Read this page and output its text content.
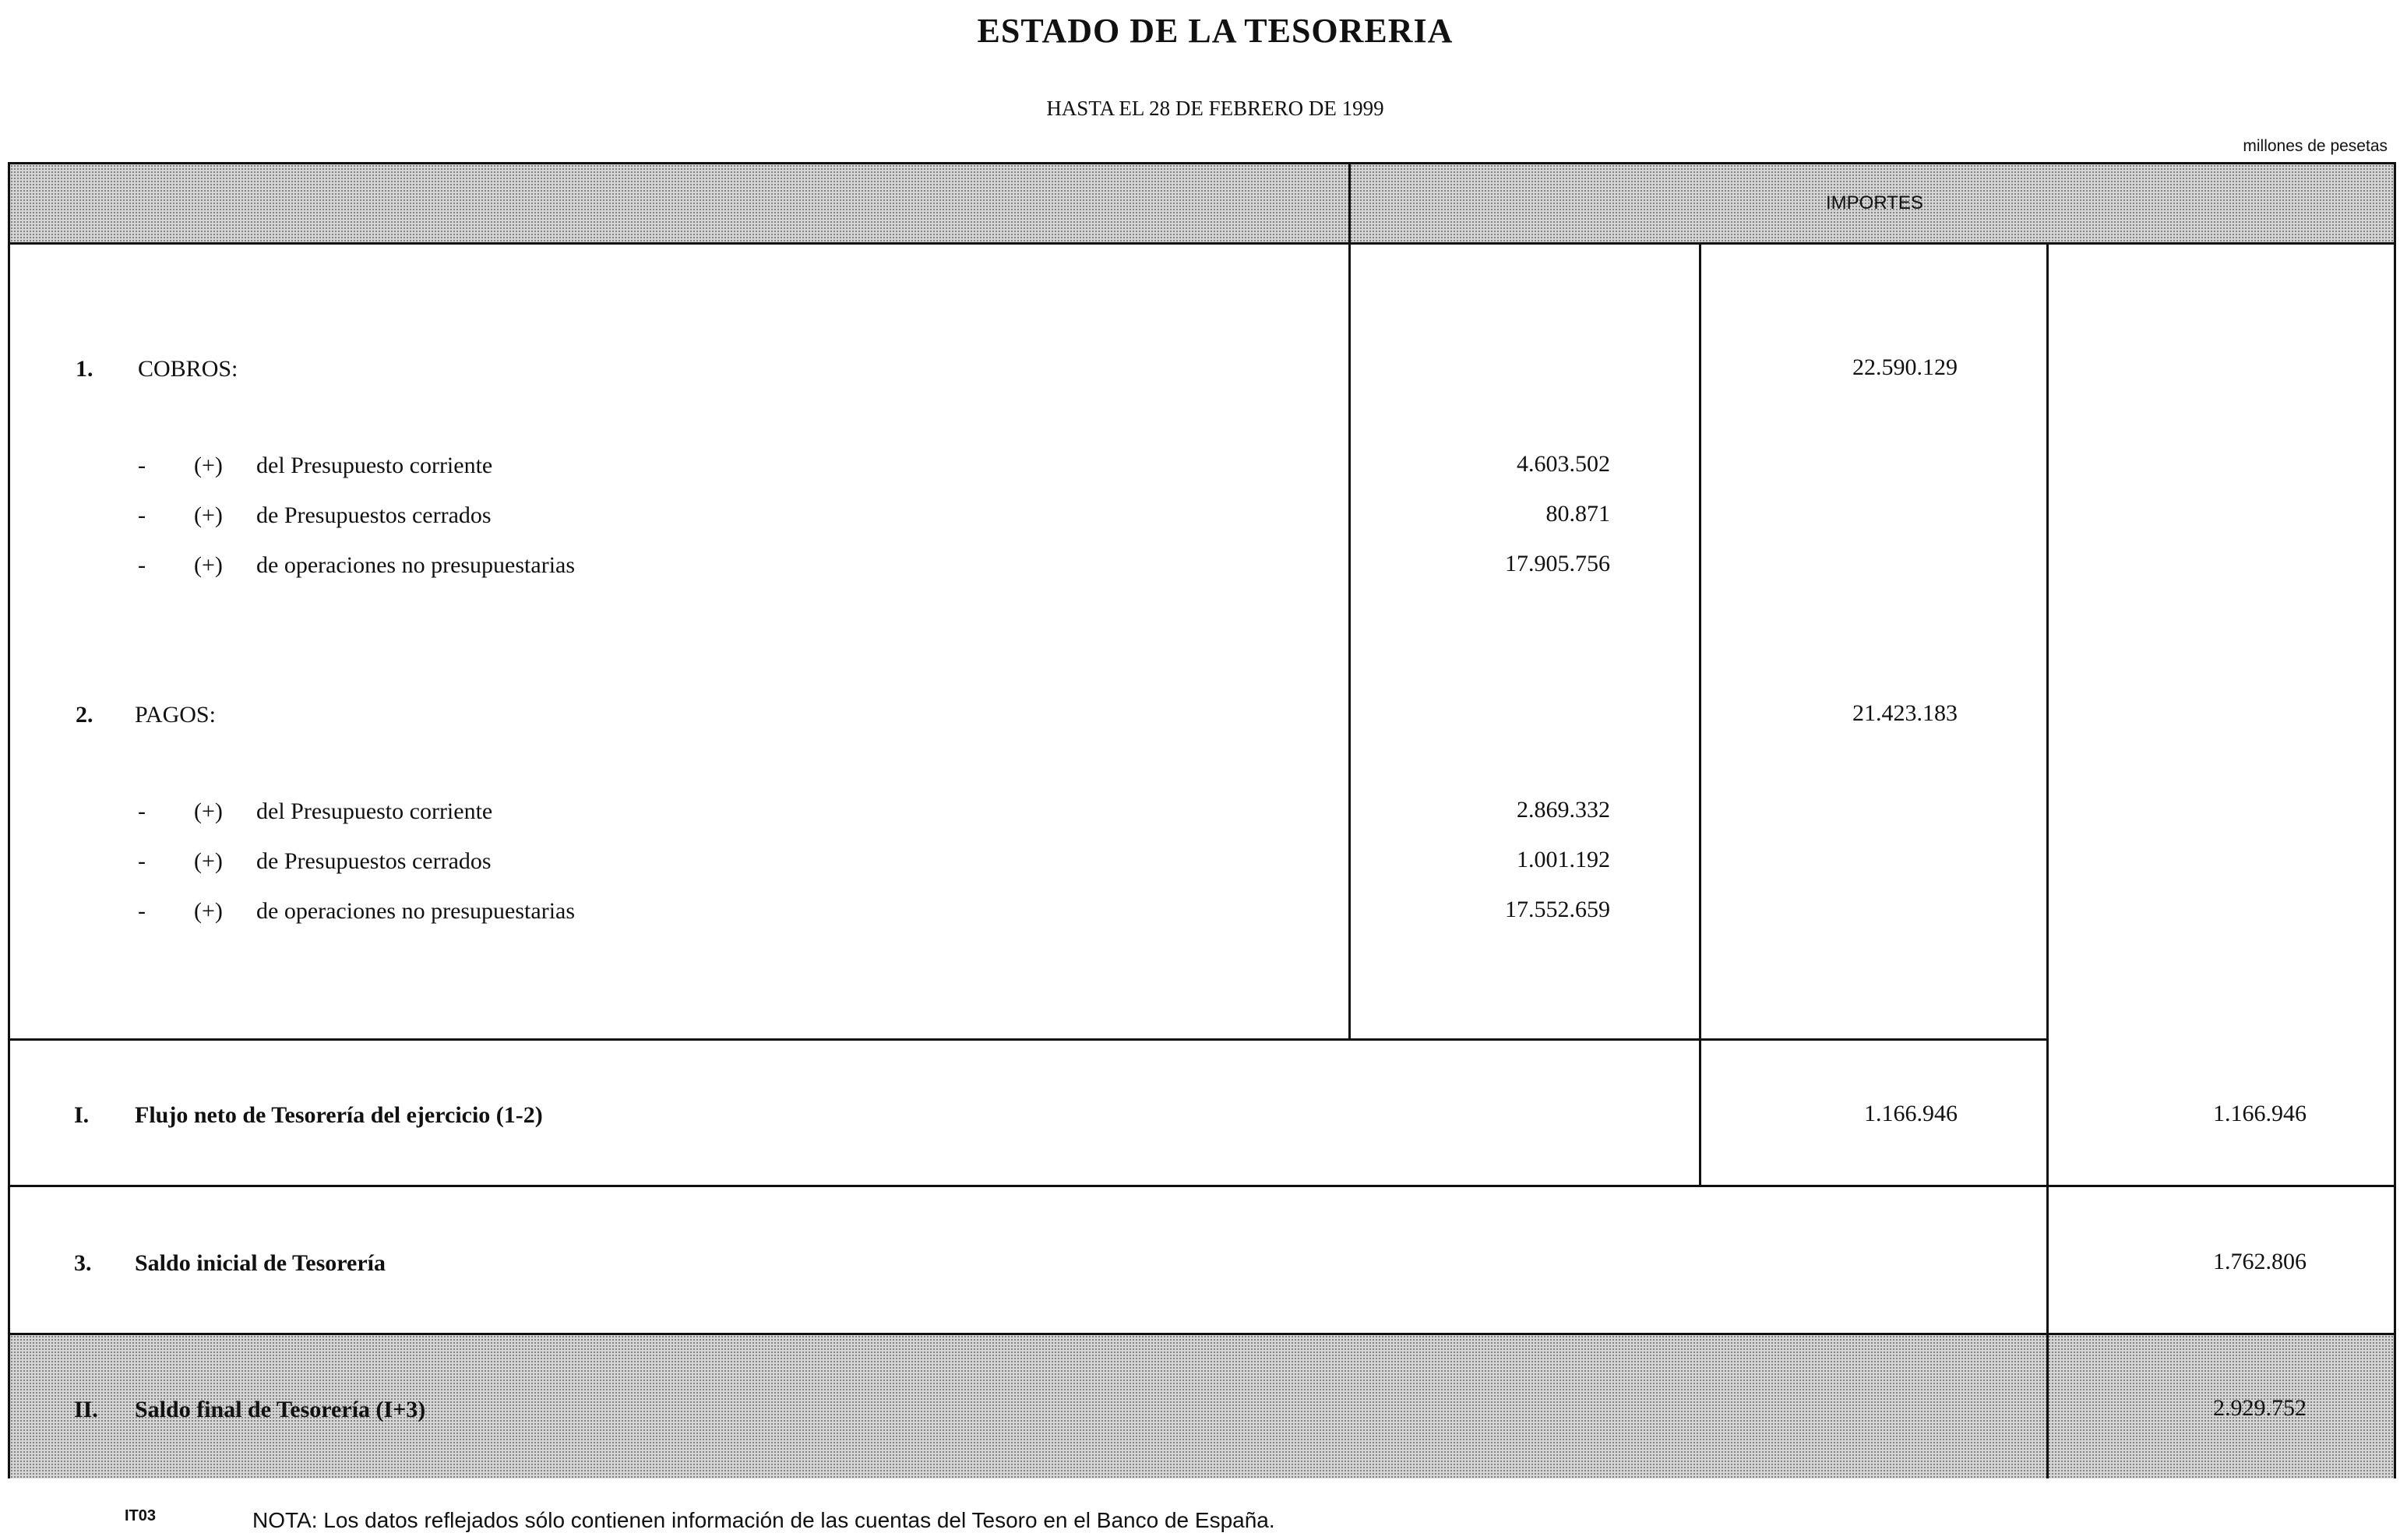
ESTADO DE LA TESORERIA
HASTA EL 28 DE FEBRERO DE 1999
millones de pesetas
IMPORTES
1. COBROS:	22.590.129
- (+) del Presupuesto corriente	4.603.502
- (+) de Presupuestos cerrados	80.871
- (+) de operaciones no presupuestarias	17.905.756
2. PAGOS:	21.423.183
- (+) del Presupuesto corriente	2.869.332
- (+) de Presupuestos cerrados	1.001.192
- (+) de operaciones no presupuestarias	17.552.659
I. Flujo neto de Tesorería del ejercicio (1-2)	1.166.946	1.166.946
3. Saldo inicial de Tesorería	1.762.806
II. Saldo final de Tesorería (I+3)	2.929.752
IT03	NOTA: Los datos reflejados sólo contienen información de las cuentas del Tesoro en el Banco de España.
